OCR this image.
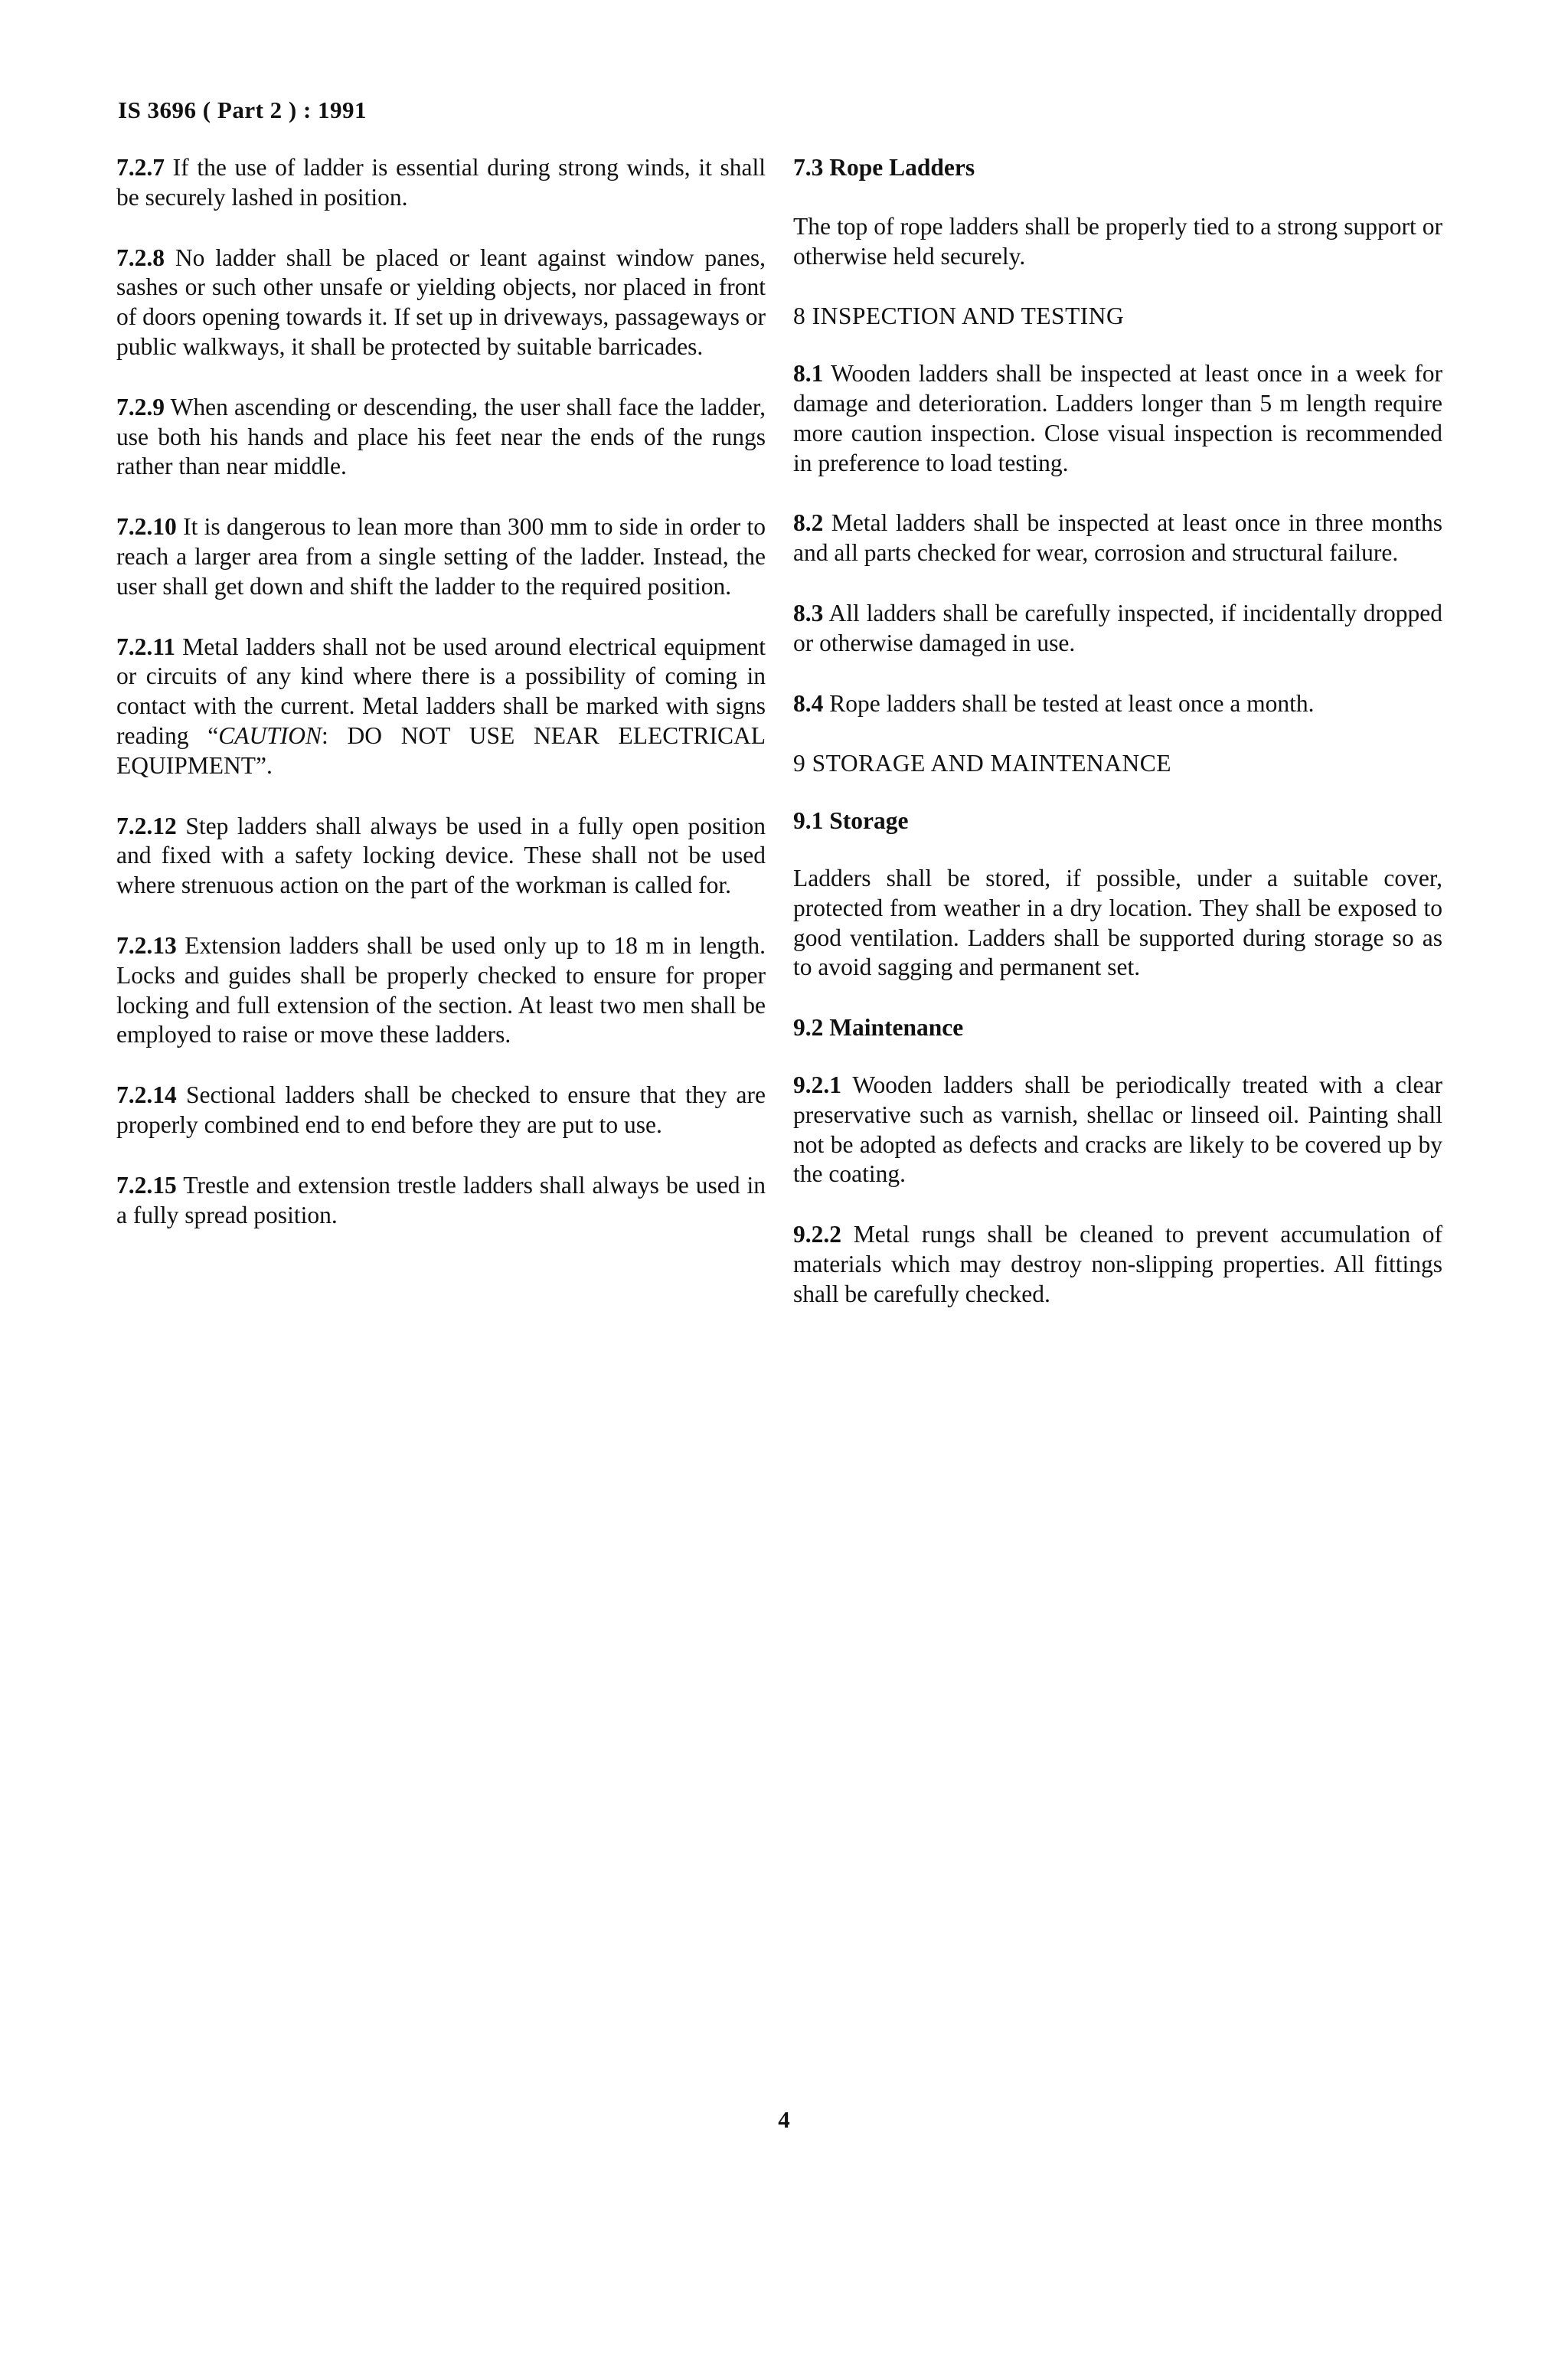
IS 3696 ( Part 2 ) : 1991

7.2.7 If the use of ladder is essential during strong winds, it shall be securely lashed in position.

7.2.8 No ladder shall be placed or leant against window panes, sashes or such other unsafe or yielding objects, nor placed in front of doors opening towards it. If set up in driveways, passageways or public walkways, it shall be protected by suitable barricades.

7.2.9 When ascending or descending, the user shall face the ladder, use both his hands and place his feet near the ends of the rungs rather than near middle.

7.2.10 It is dangerous to lean more than 300 mm to side in order to reach a larger area from a single setting of the ladder. Instead, the user shall get down and shift the ladder to the required position.

7.2.11 Metal ladders shall not be used around electrical equipment or circuits of any kind where there is a possibility of coming in contact with the current. Metal ladders shall be marked with signs reading “CAUTION: DO NOT USE NEAR ELECTRICAL EQUIPMENT”.

7.2.12 Step ladders shall always be used in a fully open position and fixed with a safety locking device. These shall not be used where strenuous action on the part of the workman is called for.

7.2.13 Extension ladders shall be used only up to 18 m in length. Locks and guides shall be properly checked to ensure for proper locking and full extension of the section. At least two men shall be employed to raise or move these ladders.

7.2.14 Sectional ladders shall be checked to ensure that they are properly combined end to end before they are put to use.

7.2.15 Trestle and extension trestle ladders shall always be used in a fully spread position.

7.3 Rope Ladders

The top of rope ladders shall be properly tied to a strong support or otherwise held securely.

8 INSPECTION AND TESTING

8.1 Wooden ladders shall be inspected at least once in a week for damage and deterioration. Ladders longer than 5 m length require more caution inspection. Close visual inspection is recommended in preference to load testing.

8.2 Metal ladders shall be inspected at least once in three months and all parts checked for wear, corrosion and structural failure.

8.3 All ladders shall be carefully inspected, if incidentally dropped or otherwise damaged in use.

8.4 Rope ladders shall be tested at least once a month.

9 STORAGE AND MAINTENANCE
9.1 Storage

Ladders shall be stored, if possible, under a suitable cover, protected from weather in a dry location. They shall be exposed to good ventilation. Ladders shall be supported during storage so as to avoid sagging and permanent set.

9.2 Maintenance

9.2.1 Wooden ladders shall be periodically treated with a clear preservative such as varnish, shellac or linseed oil. Painting shall not be adopted as defects and cracks are likely to be covered up by the coating.

9.2.2 Metal rungs shall be cleaned to prevent accumulation of materials which may destroy non-slipping properties. All fittings shall be carefully checked.

4
